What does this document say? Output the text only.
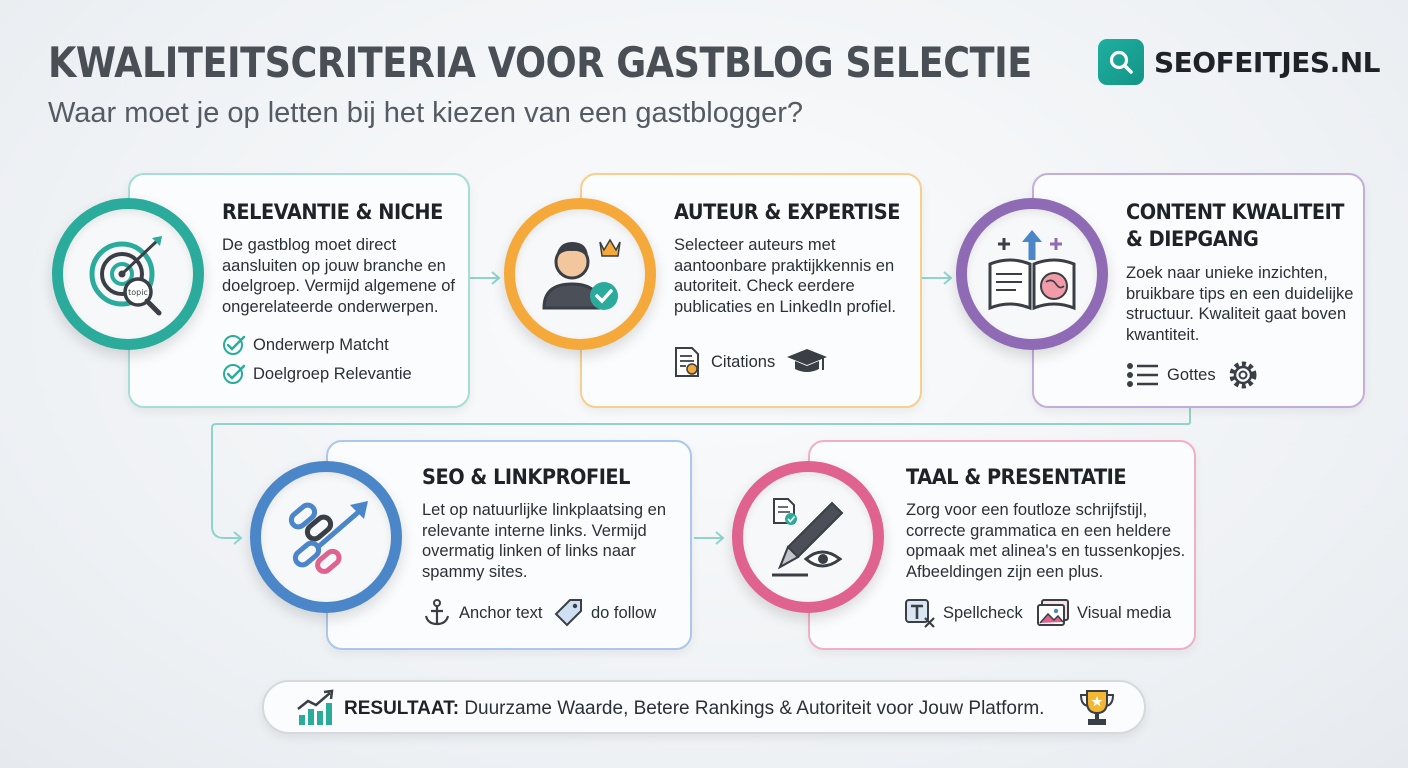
KWALITEITSCRITERIA VOOR GASTBLOG SELECTIE
Waar moet je op letten bij het kiezen van een gastblogger?
SEOFEITJES.NL
topic
RELEVANTIE & NICHE
De gastblog moet direct aansluiten op jouw branche en doelgroep. Vermijd algemene of ongerelateerde onderwerpen.
Onderwerp Matcht
Doelgroep Relevantie
AUTEUR & EXPERTISE
Selecteer auteurs met aantoonbare praktijkkennis en autoriteit. Check eerdere publicaties en LinkedIn profiel.
Citations
CONTENT KWALITEIT
& DIEPGANG
Zoek naar unieke inzichten, bruikbare tips en een duidelijke structuur. Kwaliteit gaat boven kwantiteit.
Gottes
SEO & LINKPROFIEL
Let op natuurlijke linkplaatsing en relevante interne links. Vermijd overmatig linken of links naar spammy sites.
Anchor text	do follow
TAAL & PRESENTATIE
Zorg voor een foutloze schrijfstijl, correcte grammatica en een heldere opmaak met alinea's en tussenkopjes. Afbeeldingen zijn een plus.
Spellcheck	Visual media
RESULTAAT: Duurzame Waarde, Betere Rankings & Autoriteit voor Jouw Platform.
